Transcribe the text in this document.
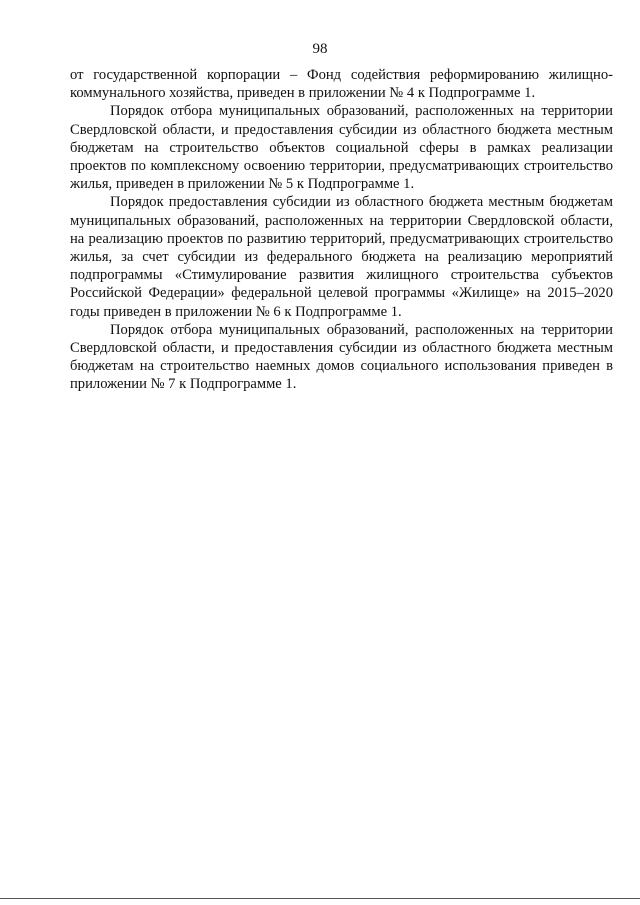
98

от государственной корпорации – Фонд содействия реформированию жилищно-коммунального хозяйства, приведен в приложении № 4 к Подпрограмме 1.

Порядок отбора муниципальных образований, расположенных на территории Свердловской области, и предоставления субсидии из областного бюджета местным бюджетам на строительство объектов социальной сферы в рамках реализации проектов по комплексному освоению территории, предусматривающих строительство жилья, приведен в приложении № 5 к Подпрограмме 1.

Порядок предоставления субсидии из областного бюджета местным бюджетам муниципальных образований, расположенных на территории Свердловской области, на реализацию проектов по развитию территорий, предусматривающих строительство жилья, за счет субсидии из федерального бюджета на реализацию мероприятий подпрограммы «Стимулирование развития жилищного строительства субъектов Российской Федерации» федеральной целевой программы «Жилище» на 2015–2020 годы приведен в приложении № 6 к Подпрограмме 1.

Порядок отбора муниципальных образований, расположенных на территории Свердловской области, и предоставления субсидии из областного бюджета местным бюджетам на строительство наемных домов социального использования приведен в приложении № 7 к Подпрограмме 1.
